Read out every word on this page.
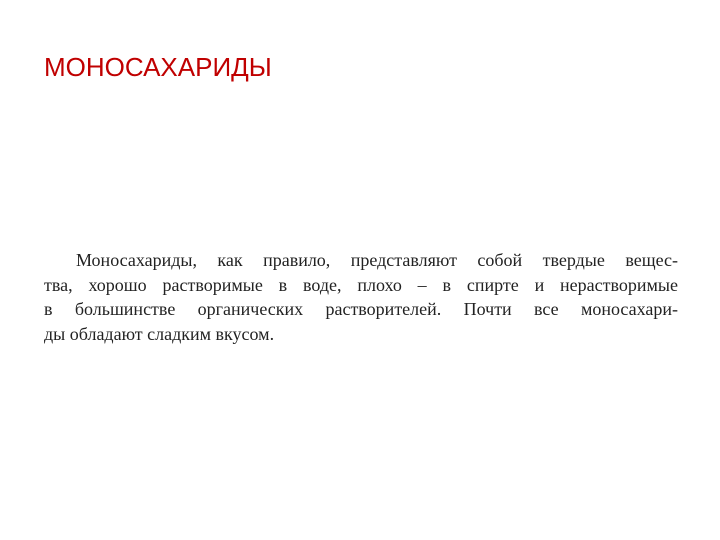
МОНОСАХАРИДЫ
Моносахариды, как правило, представляют собой твердые вещес-
тва, хорошо растворимые в воде, плохо – в спирте и нерастворимые
в большинстве органических растворителей. Почти все моносахари-
ды обладают сладким вкусом.
